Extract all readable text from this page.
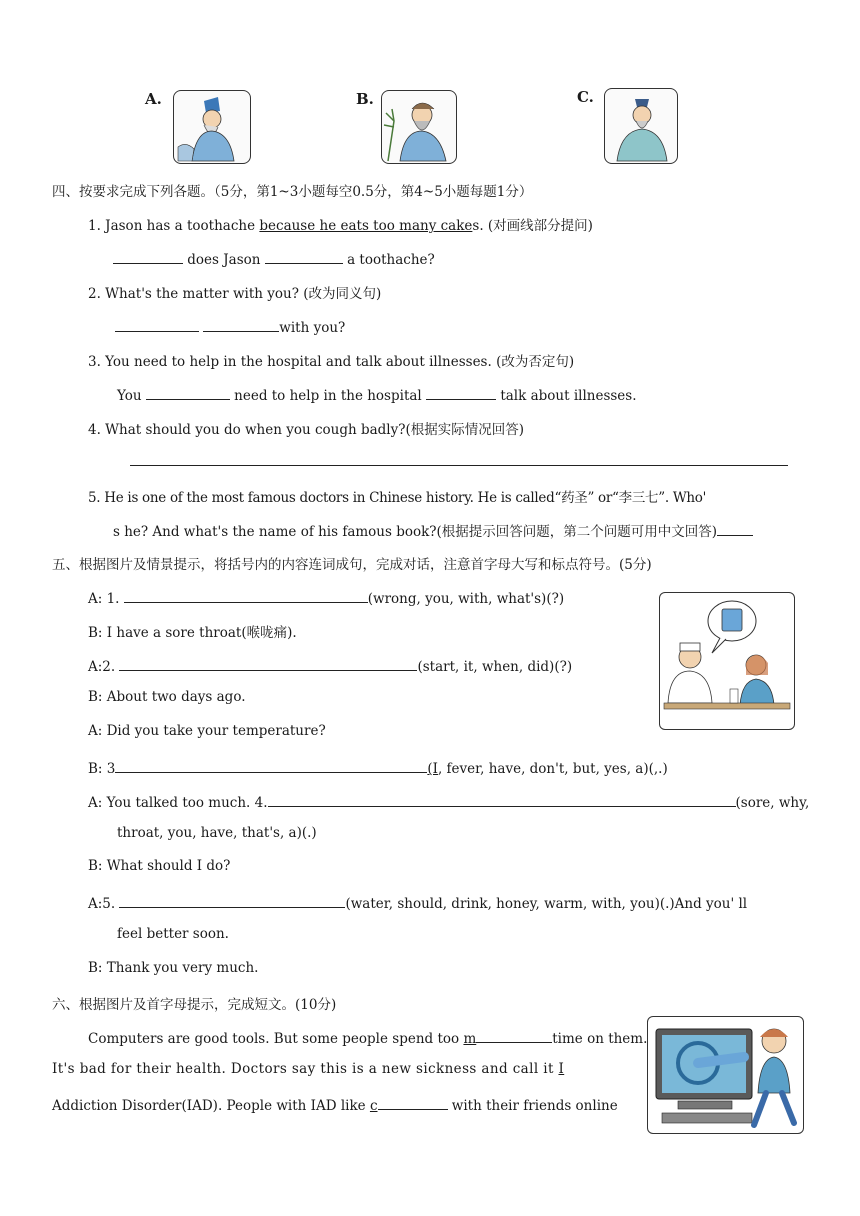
A.	B.	C.
四、按要求完成下列各题。（5分，第1~3小题每空0.5分，第4~5小题每题1分）
1. Jason has a toothache because he eats too many cakes. (对画线部分提问)
does Jason	a toothache?
2. What's the matter with you? (改为同义句)
with you?
3. You need to help in the hospital and talk about illnesses. (改为否定句)
You	need to help in the hospital	talk about illnesses.
4. What should you do when you cough badly?(根据实际情况回答)
5. He is one of the most famous doctors in Chinese history. He is called“药圣” or“李三七”. Who'
s he? And what's the name of his famous book?(根据提示回答问题，第二个问题可用中文回答)
五、根据图片及情景提示，将括号内的内容连词成句，完成对话，注意首字母大写和标点符号。(5分)
A: 1.	(wrong, you, with, what's)(?)
B: I have a sore throat(喉咙痛).
A:2.	(start, it, when, did)(?)
B: About two days ago.
A: Did you take your temperature?
B: 3	(I, fever, have, don't, but, yes, a)(,.)
A: You talked too much. 4.	(sore, why,
throat, you, have, that's, a)(.)
B: What should I do?
A:5.	(water, should, drink, honey, warm, with, you)(.)And you' ll
feel better soon.
B: Thank you very much.
六、根据图片及首字母提示，完成短文。(10分)
Computers are good tools. But some people spend too m	time on them.
It's bad for their health. Doctors say this is a new sickness and call it I
Addiction Disorder(IAD). People with IAD like c	with their friends online
